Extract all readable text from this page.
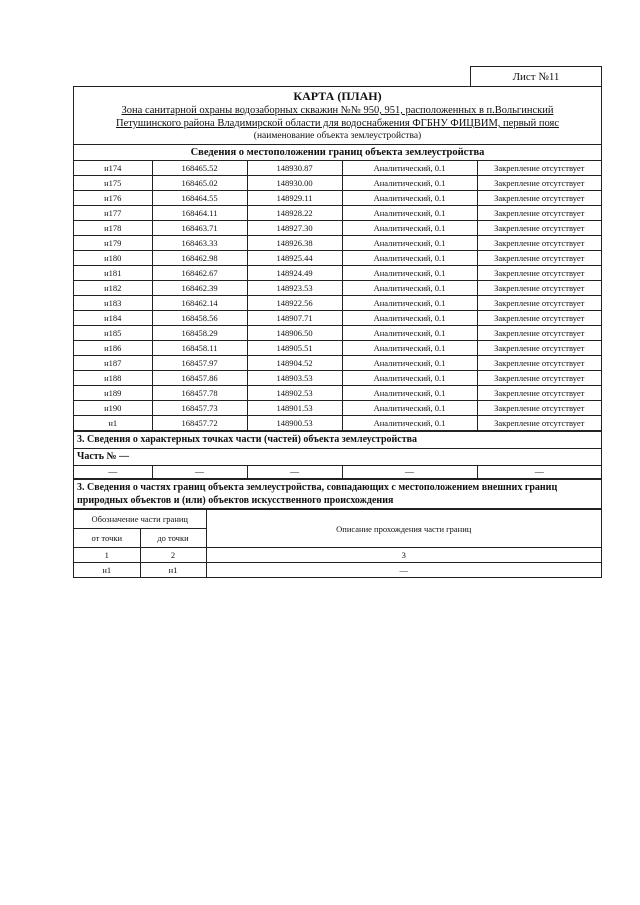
Лист №11
КАРТА (ПЛАН)
Зона санитарной охраны водозаборных скважин №№ 950, 951, расположенных в п.Вольгинский
Петушинского района Владимирской области для водоснабжения ФГБНУ ФИЦВИМ, первый пояс
(наименование объекта землеустройства)
Сведения о местоположении границ объекта землеустройства
н174	168465.52	148930.87	Аналитический, 0.1	Закрепление отсутствует
н175	168465.02	148930.00	Аналитический, 0.1	Закрепление отсутствует
н176	168464.55	148929.11	Аналитический, 0.1	Закрепление отсутствует
н177	168464.11	148928.22	Аналитический, 0.1	Закрепление отсутствует
н178	168463.71	148927.30	Аналитический, 0.1	Закрепление отсутствует
н179	168463.33	148926.38	Аналитический, 0.1	Закрепление отсутствует
н180	168462.98	148925.44	Аналитический, 0.1	Закрепление отсутствует
н181	168462.67	148924.49	Аналитический, 0.1	Закрепление отсутствует
н182	168462.39	148923.53	Аналитический, 0.1	Закрепление отсутствует
н183	168462.14	148922.56	Аналитический, 0.1	Закрепление отсутствует
н184	168458.56	148907.71	Аналитический, 0.1	Закрепление отсутствует
н185	168458.29	148906.50	Аналитический, 0.1	Закрепление отсутствует
н186	168458.11	148905.51	Аналитический, 0.1	Закрепление отсутствует
н187	168457.97	148904.52	Аналитический, 0.1	Закрепление отсутствует
н188	168457.86	148903.53	Аналитический, 0.1	Закрепление отсутствует
н189	168457.78	148902.53	Аналитический, 0.1	Закрепление отсутствует
н190	168457.73	148901.53	Аналитический, 0.1	Закрепление отсутствует
н1	168457.72	148900.53	Аналитический, 0.1	Закрепление отсутствует
3. Сведения о характерных точках части (частей) объекта землеустройства
Часть № —
—	—	—	—	—
3. Сведения о частях границ объекта землеустройства, совпадающих с местоположением внешних границ природных объектов и (или) объектов искусственного происхождения
Обозначение части границ		Описание прохождения части границ
от точки	до точки	
1	2	3
н1	н1	—
